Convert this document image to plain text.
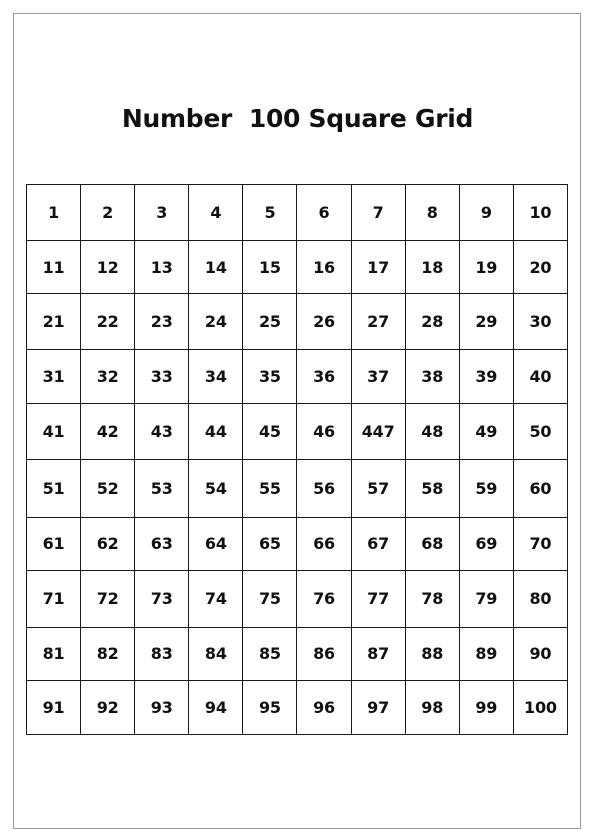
Number  100 Square Grid
1	2	3	4	5	6	7	8	9	10
11	12	13	14	15	16	17	18	19	20
21	22	23	24	25	26	27	28	29	30
31	32	33	34	35	36	37	38	39	40
41	42	43	44	45	46	447	48	49	50
51	52	53	54	55	56	57	58	59	60
61	62	63	64	65	66	67	68	69	70
71	72	73	74	75	76	77	78	79	80
81	82	83	84	85	86	87	88	89	90
91	92	93	94	95	96	97	98	99	100
